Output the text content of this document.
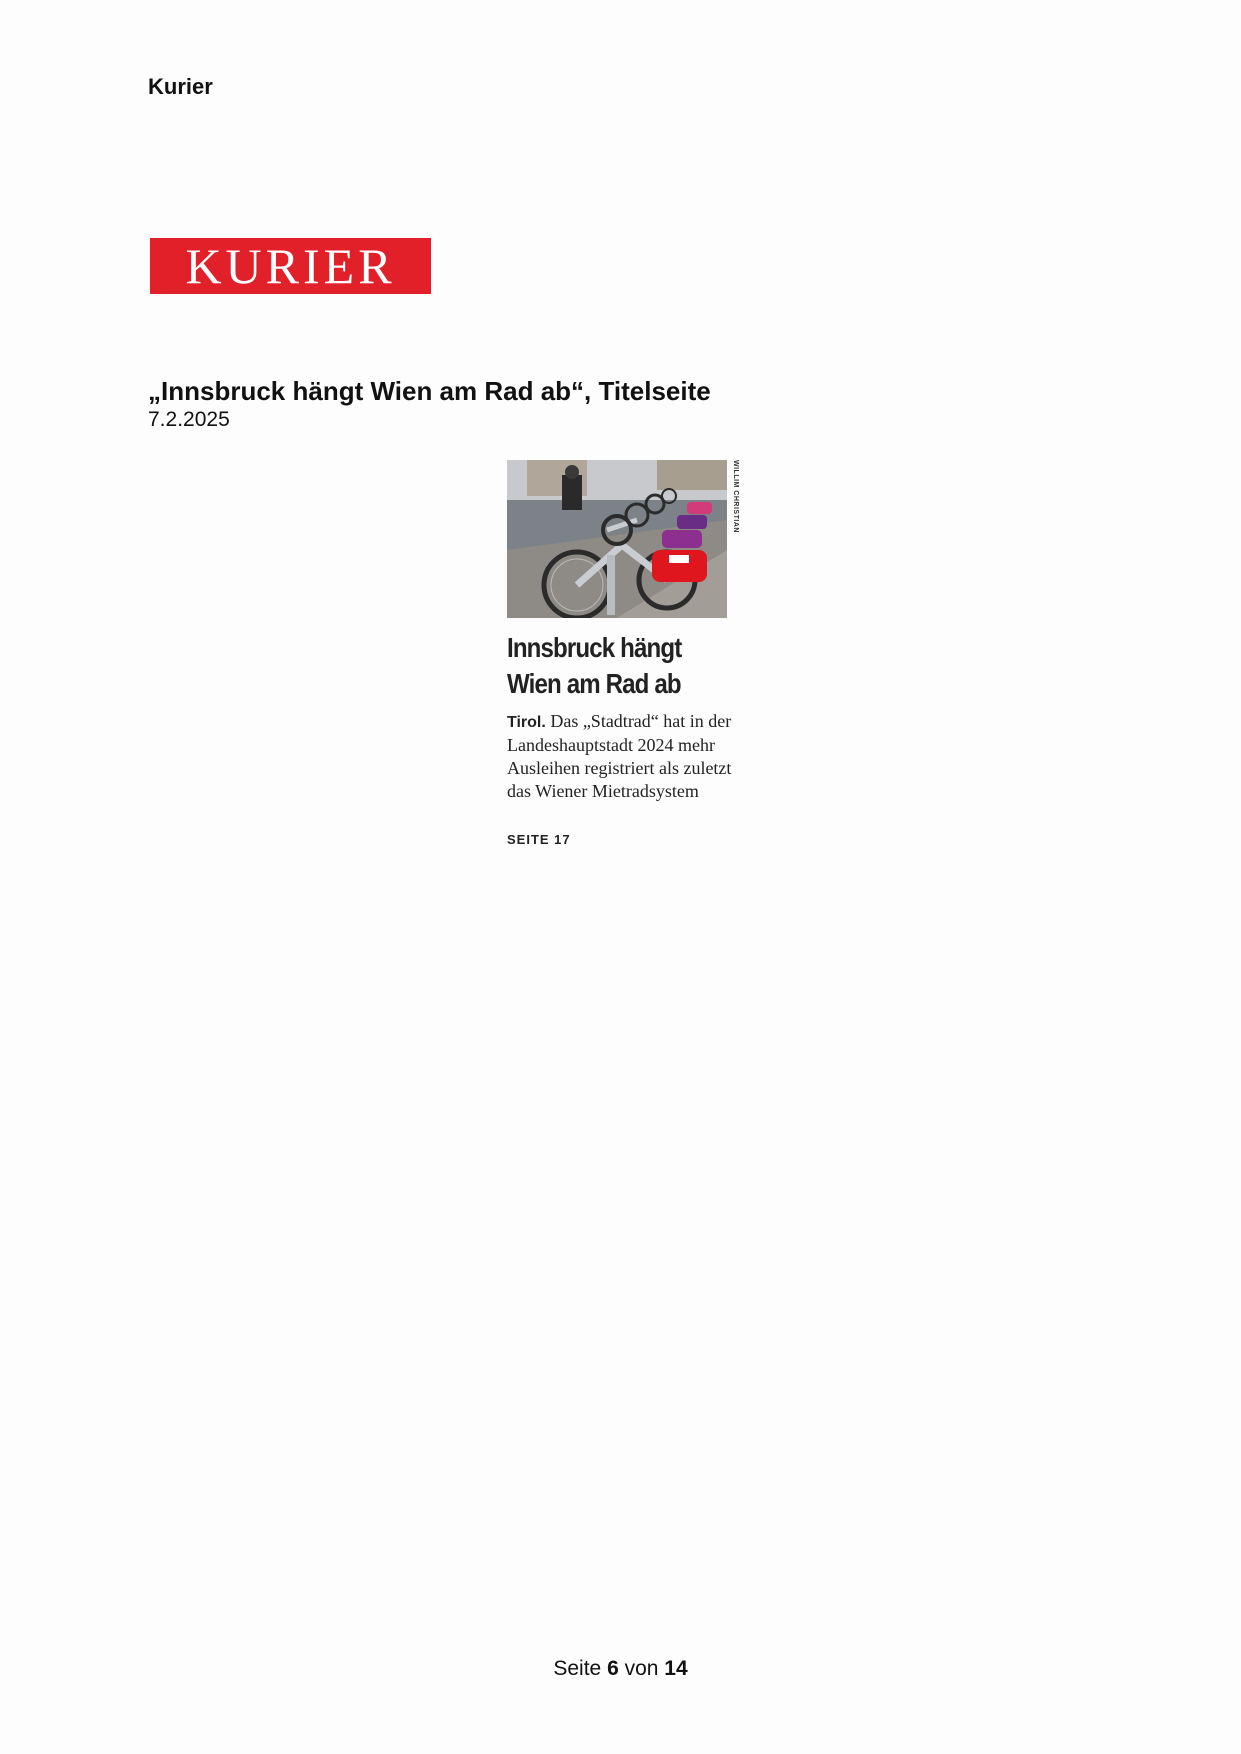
Kurier
KURIER
„Innsbruck hängt Wien am Rad ab“, Titelseite
7.2.2025
WILLIM CHRISTIAN
Innsbruck hängt
Wien am Rad ab
Tirol. Das „Stadtrad“ hat in der Landeshauptstadt 2024 mehr Ausleihen registriert als zuletzt das Wiener Mietradsystem
SEITE 17
Seite 6 von 14
